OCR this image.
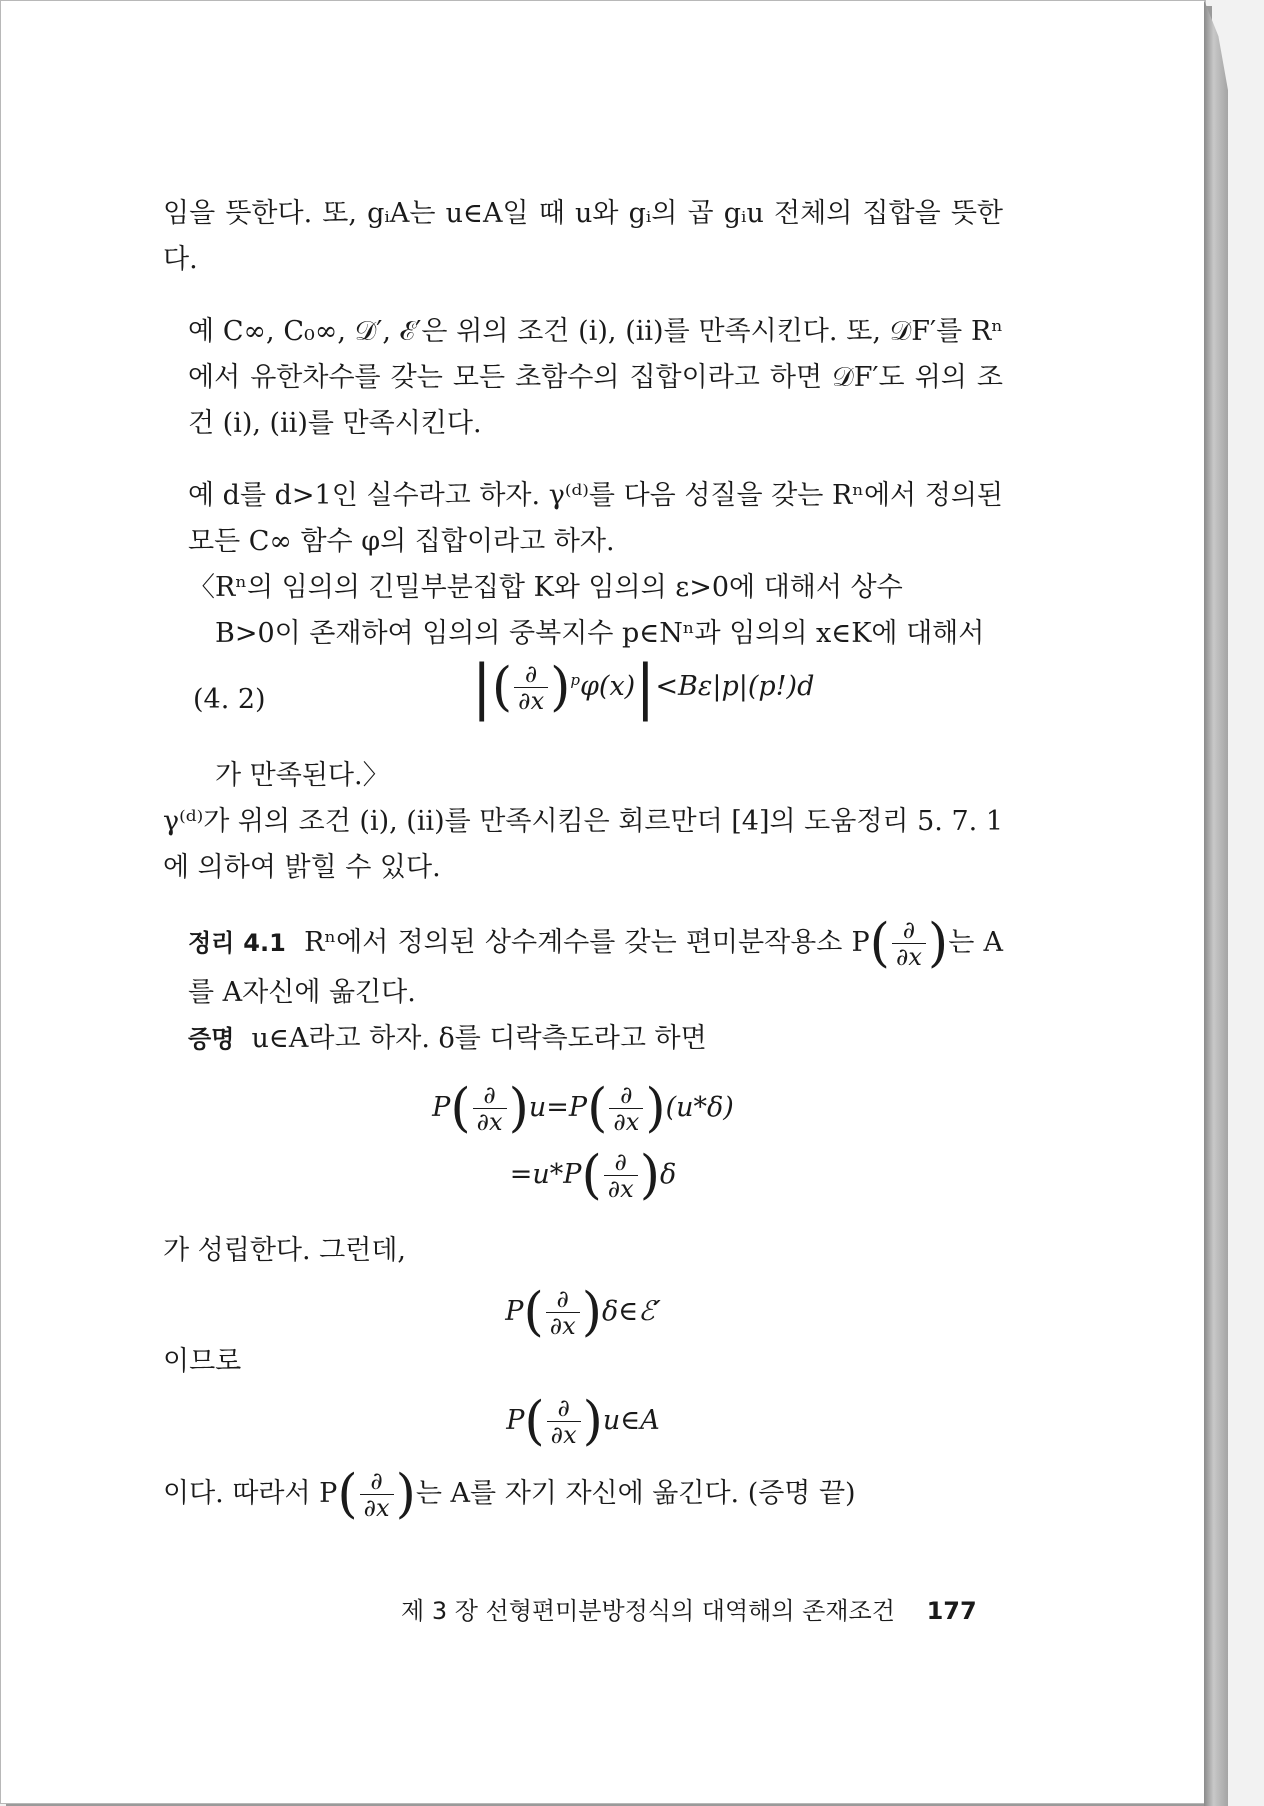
임을 뜻한다. 또, gᵢA는 u∈A일 때 u와 gᵢ의 곱 gᵢu 전체의 집합을 뜻한다.

예 C∞, C₀∞, 𝒟′, ℰ′은 위의 조건 (i), (ii)를 만족시킨다. 또, 𝒟F′를 Rⁿ에서 유한차수를 갖는 모든 초함수의 집합이라고 하면 𝒟F′도 위의 조건 (i), (ii)를 만족시킨다.

예 d를 d>1인 실수라고 하자. γ⁽ᵈ⁾를 다음 성질을 갖는 Rⁿ에서 정의된 모든 C∞ 함수 φ의 집합이라고 하자.

〈Rⁿ의 임의의 긴밀부분집합 K와 임의의 ε>0에 대해서 상수

B>0이 존재하여 임의의 중복지수 p∈Nⁿ과 임의의 x∈K에 대해서

(4. 2)	|( $\frac{\partial}{\partial x} )^p\varphi(x)|<B\varepsilon|p|(p!)d$

가 만족된다.〉

γ⁽ᵈ⁾가 위의 조건 (i), (ii)를 만족시킴은 회르만더 [4]의 도움정리 5. 7. 1에 의하여 밝힐 수 있다.

정리 4.1 Rⁿ에서 정의된 상수계수를 갖는 편미분작용소 $P( \frac{\partial}{\partial x}$ )는 A를 A자신에 옮긴다.

증명 u∈A라고 하자. δ를 디락측도라고 하면

$P( \frac{\partial}{\partial x} )u=P( \frac{\partial}{\partial x} )(u*\delta)$
$=u*P( \frac{\partial}{\partial x} )\delta$

가 성립한다. 그런데,

$P( \frac{\partial}{\partial x}$ )δ∈ℰ′

이므로

$P( \frac{\partial}{\partial x}$ )u∈A

이다. 따라서 $P( \frac{\partial}{\partial x}$ )는 A를 자기 자신에 옮긴다. (증명 끝)

제 3 장 선형편미분방정식의 대역해의 존재조건 177
